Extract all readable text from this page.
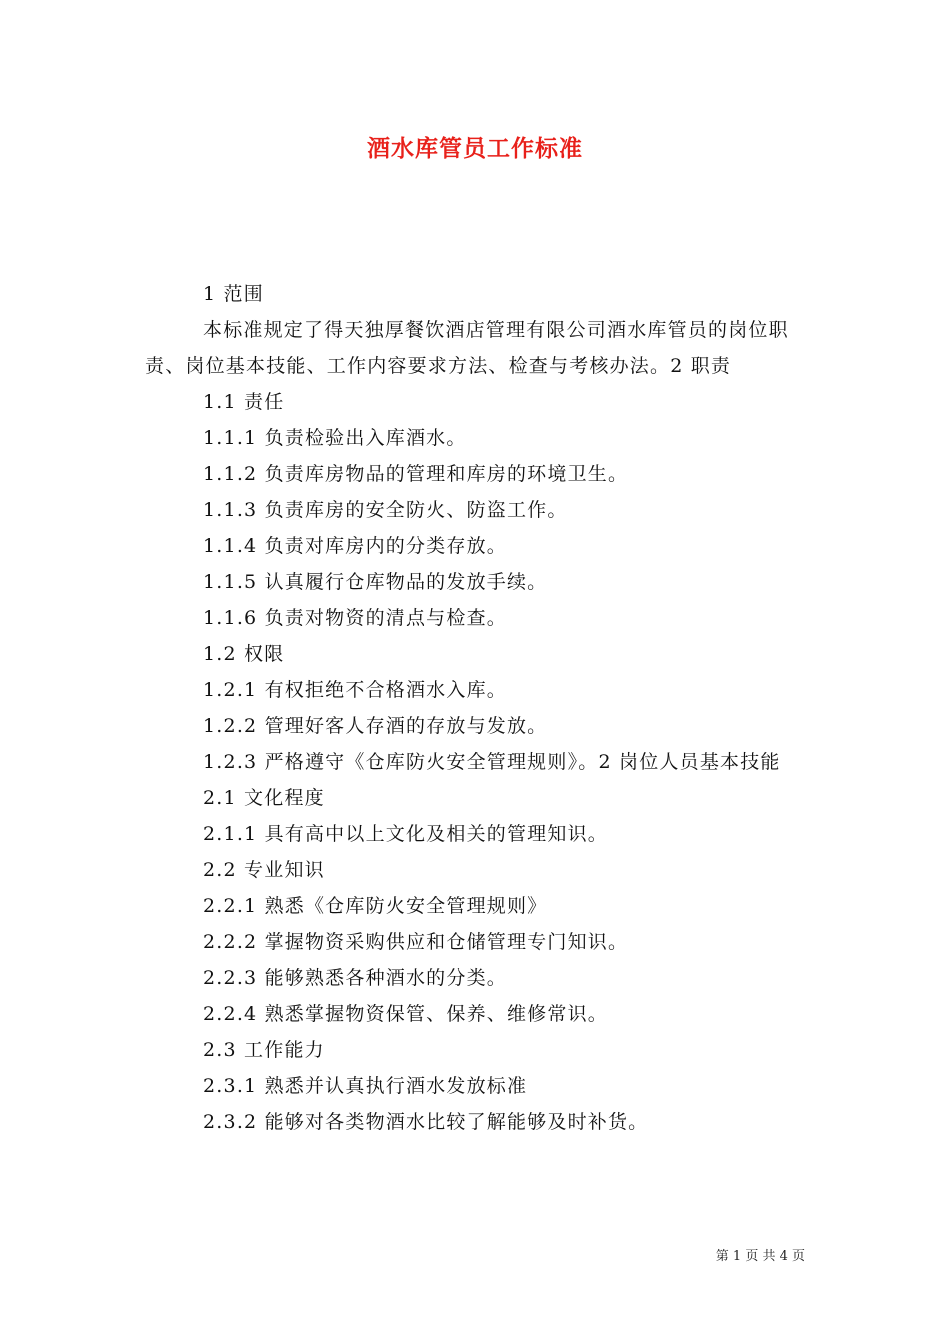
酒水库管员工作标准

1 范围

本标准规定了得天独厚餐饮酒店管理有限公司酒水库管员的岗位职责、岗位基本技能、工作内容要求方法、检查与考核办法。2 职责

1.1 责任

1.1.1 负责检验出入库酒水。

1.1.2 负责库房物品的管理和库房的环境卫生。

1.1.3 负责库房的安全防火、防盗工作。

1.1.4 负责对库房内的分类存放。

1.1.5 认真履行仓库物品的发放手续。

1.1.6 负责对物资的清点与检查。

1.2 权限

1.2.1 有权拒绝不合格酒水入库。

1.2.2 管理好客人存酒的存放与发放。

1.2.3 严格遵守《仓库防火安全管理规则》。2 岗位人员基本技能

2.1 文化程度

2.1.1 具有高中以上文化及相关的管理知识。

2.2 专业知识

2.2.1 熟悉《仓库防火安全管理规则》

2.2.2 掌握物资采购供应和仓储管理专门知识。

2.2.3 能够熟悉各种酒水的分类。

2.2.4 熟悉掌握物资保管、保养、维修常识。

2.3 工作能力

2.3.1 熟悉并认真执行酒水发放标准

2.3.2 能够对各类物酒水比较了解能够及时补货。

第 1 页 共 4 页
